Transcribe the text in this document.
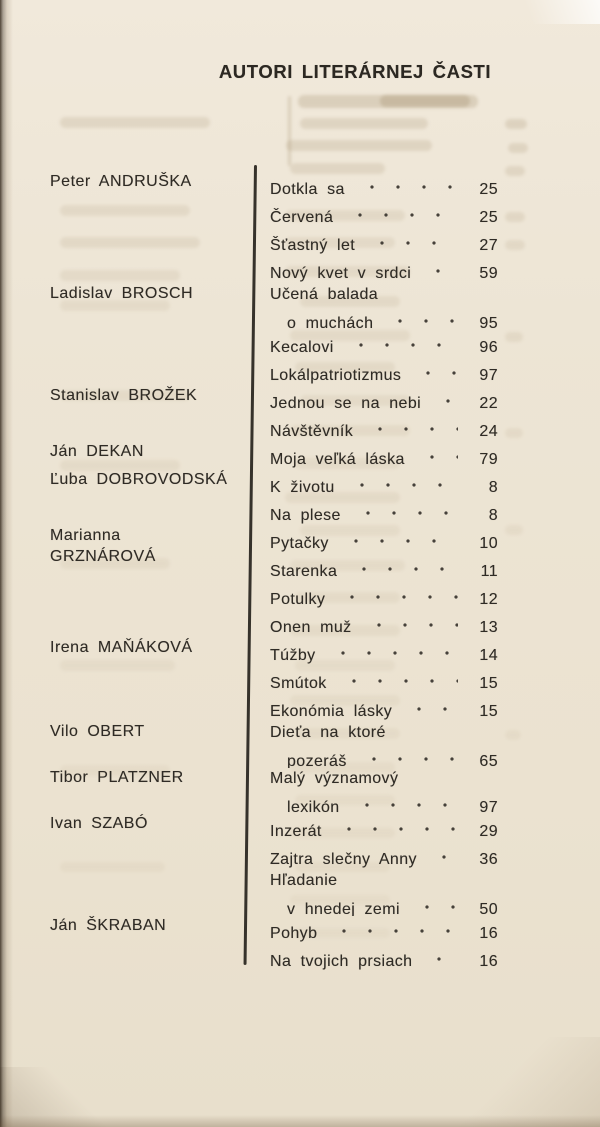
AUTORI LITERÁRNEJ ČASTI
Peter ANDRUŠKA
Ladislav BROSCH
Stanislav BROŽEK
Ján DEKAN
Ľuba DOBROVODSKÁ
Marianna
GRZNÁROVÁ
Irena MAŇÁKOVÁ
Vilo OBERT
Tibor PLATZNER
Ivan SZABÓ
Ján ŠKRABAN
Dotkla sa	25
Červená	25
Šťastný let	27
Nový kvet v srdci	59
Učená balada
o muchách	95
Kecalovi	96
Lokálpatriotizmus	97
Jednou se na nebi	22
Návštěvník	24
Moja veľká láska	79
K životu	8
Na plese	8
Pytačky	10
Starenka	11
Potulky	12
Onen muž	13
Túžby	14
Smútok	15
Ekonómia lásky	15
Dieťa na ktoré
pozeráš	65
Malý významový
lexikón	97
Inzerát	29
Zajtra slečny Anny	36
Hľadanie
v hnedej zemi	50
Pohyb	16
Na tvojich prsiach	16
